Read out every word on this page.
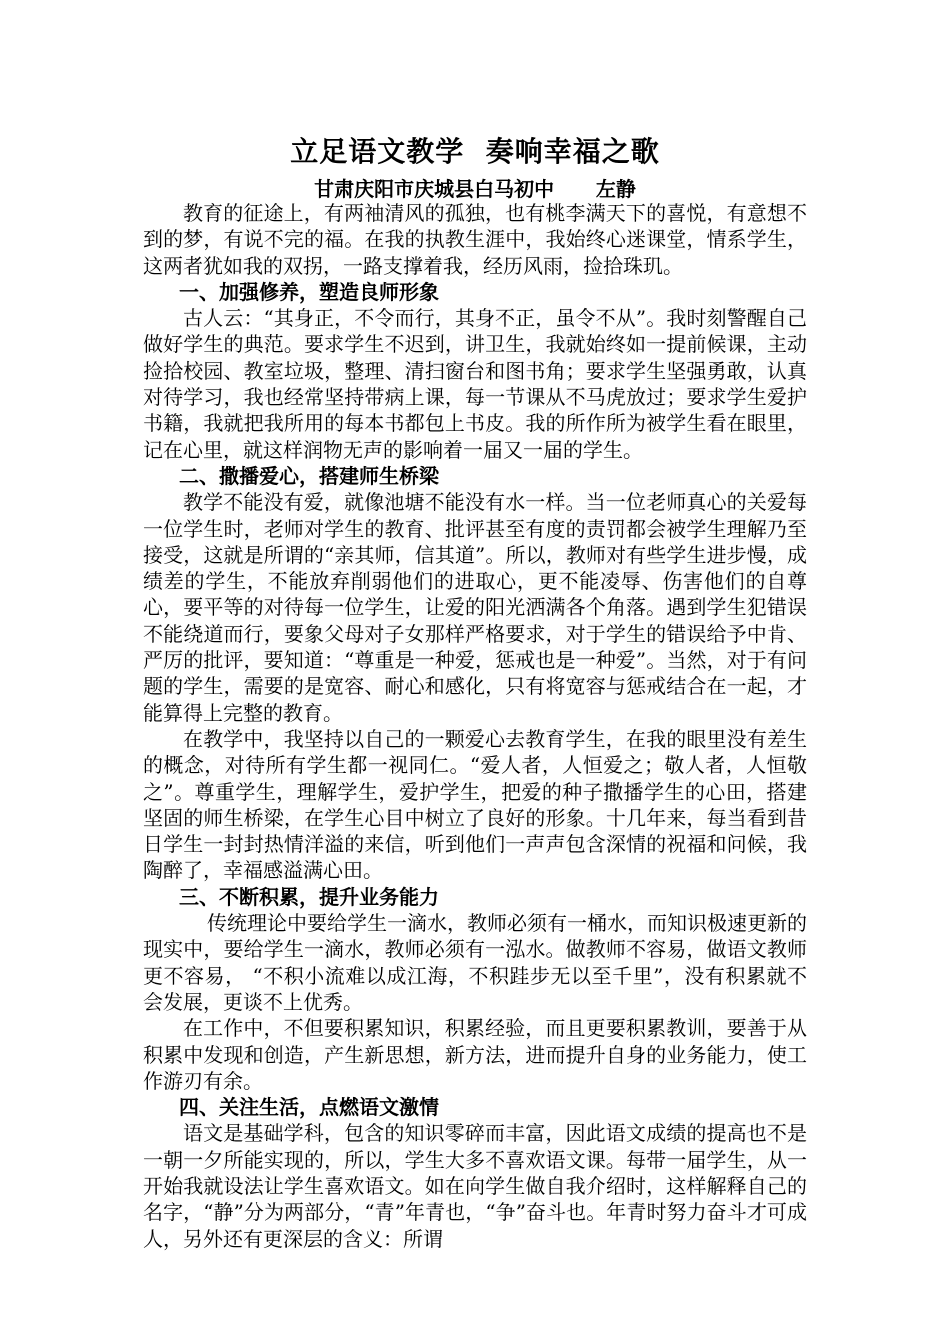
立足语文教学  奏响幸福之歌
甘肃庆阳市庆城县白马初中      左静

教育的征途上，有两袖清风的孤独，也有桃李满天下的喜悦，有意想不到的梦，有说不完的福。在我的执教生涯中，我始终心迷课堂，情系学生，这两者犹如我的双拐，一路支撑着我，经历风雨，捡拾珠玑。

一、加强修养，塑造良师形象

古人云：“其身正，不令而行，其身不正，虽令不从”。我时刻警醒自己做好学生的典范。要求学生不迟到，讲卫生，我就始终如一提前候课，主动捡拾校园、教室垃圾，整理、清扫窗台和图书角；要求学生坚强勇敢，认真对待学习，我也经常坚持带病上课，每一节课从不马虎放过；要求学生爱护书籍，我就把我所用的每本书都包上书皮。我的所作所为被学生看在眼里，记在心里，就这样润物无声的影响着一届又一届的学生。

二、撒播爱心，搭建师生桥梁

教学不能没有爱，就像池塘不能没有水一样。当一位老师真心的关爱每一位学生时，老师对学生的教育、批评甚至有度的责罚都会被学生理解乃至接受，这就是所谓的“亲其师，信其道”。所以，教师对有些学生进步慢，成绩差的学生，不能放弃削弱他们的进取心，更不能凌辱、伤害他们的自尊心，要平等的对待每一位学生，让爱的阳光洒满各个角落。遇到学生犯错误不能绕道而行，要象父母对子女那样严格要求，对于学生的错误给予中肯、严厉的批评，要知道：“尊重是一种爱，惩戒也是一种爱”。当然，对于有问题的学生，需要的是宽容、耐心和感化，只有将宽容与惩戒结合在一起，才能算得上完整的教育。

在教学中，我坚持以自己的一颗爱心去教育学生，在我的眼里没有差生的概念，对待所有学生都一视同仁。“爱人者，人恒爱之；敬人者，人恒敬之”。尊重学生，理解学生，爱护学生，把爱的种子撒播学生的心田，搭建坚固的师生桥梁，在学生心目中树立了良好的形象。十几年来，每当看到昔日学生一封封热情洋溢的来信，听到他们一声声包含深情的祝福和问候，我陶醉了，幸福感溢满心田。

三、不断积累，提升业务能力

传统理论中要给学生一滴水，教师必须有一桶水，而知识极速更新的现实中，要给学生一滴水，教师必须有一泓水。做教师不容易，做语文教师更不容易， “不积小流难以成江海，不积跬步无以至千里”，没有积累就不会发展，更谈不上优秀。

在工作中，不但要积累知识，积累经验，而且更要积累教训，要善于从积累中发现和创造，产生新思想，新方法，进而提升自身的业务能力，使工作游刃有余。

四、关注生活，点燃语文激情

语文是基础学科，包含的知识零碎而丰富，因此语文成绩的提高也不是一朝一夕所能实现的，所以，学生大多不喜欢语文课。每带一届学生，从一开始我就设法让学生喜欢语文。如在向学生做自我介绍时，这样解释自己的名字，“静”分为两部分，“青”年青也，“争”奋斗也。年青时努力奋斗才可成人，另外还有更深层的含义：所谓
